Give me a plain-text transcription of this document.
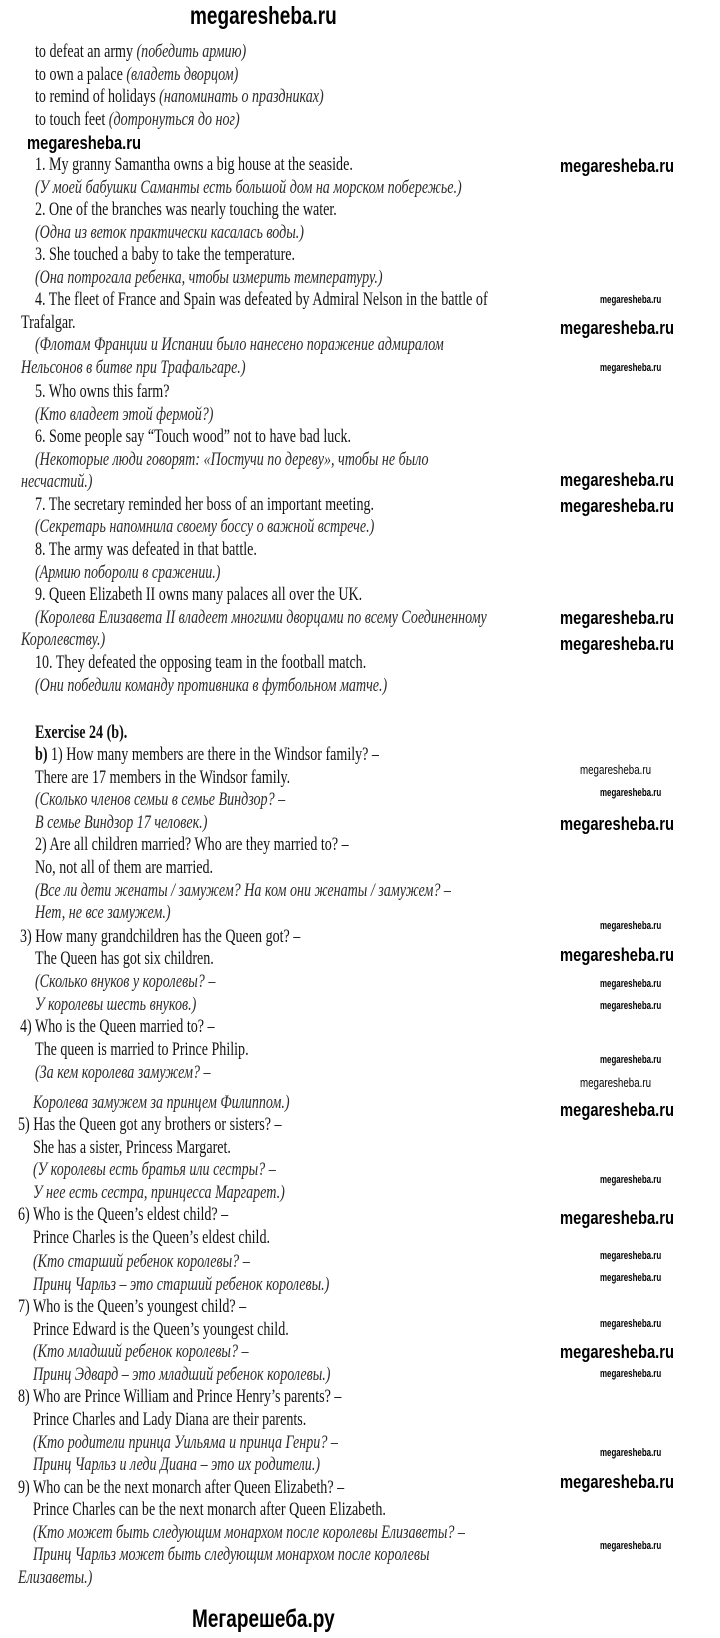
megaresheba.ru
to defeat an army (победить армию)
to own a palace (владеть дворцом)
to remind of holidays (напоминать о праздниках)
to touch feet (дотронуться до ног)
1. My granny Samantha owns a big house at the seaside.
(У моей бабушки Саманты есть большой дом на морском побережье.)
2. One of the branches was nearly touching the water.
(Одна из веток практически касалась воды.)
3. She touched a baby to take the temperature.
(Она потрогала ребенка, чтобы измерить температуру.)
4. The fleet of France and Spain was defeated by Admiral Nelson in the battle of
Trafalgar.
(Флотам Франции и Испании было нанесено поражение адмиралом
Нельсонов в битве при Трафальгаре.)
5. Who owns this farm?
(Кто владеет этой фермой?)
6. Some people say “Touch wood” not to have bad luck.
(Некоторые люди говорят: «Постучи по дереву», чтобы не было
несчастий.)
7. The secretary reminded her boss of an important meeting.
(Секретарь напомнила своему боссу о важной встрече.)
8. The army was defeated in that battle.
(Армию побороли в сражении.)
9. Queen Elizabeth II owns many palaces all over the UK.
(Королева Елизавета II владеет многими дворцами по всему Соединенному
Королевству.)
10. They defeated the opposing team in the football match.
(Они победили команду противника в футбольном матче.)
Exercise 24 (b).
b) 1) How many members are there in the Windsor family? –
There are 17 members in the Windsor family.
(Сколько членов семьи в семье Виндзор? –
В семье Виндзор 17 человек.)
2) Are all children married? Who are they married to? –
No, not all of them are married.
(Все ли дети женаты / замужем? На ком они женаты / замужем? –
Нет, не все замужем.)
3) How many grandchildren has the Queen got? –
The Queen has got six children.
(Сколько внуков у королевы? –
У королевы шесть внуков.)
4) Who is the Queen married to? –
The queen is married to Prince Philip.
(За кем королева замужем? –
Королева замужем за принцем Филиппом.)
5) Has the Queen got any brothers or sisters? –
She has a sister, Princess Margaret.
(У королевы есть братья или сестры? –
У нее есть сестра, принцесса Маргарет.)
6) Who is the Queen’s eldest child? –
Prince Charles is the Queen’s eldest child.
(Кто старший ребенок королевы? –
Принц Чарльз – это старший ребенок королевы.)
7) Who is the Queen’s youngest child? –
Prince Edward is the Queen’s youngest child.
(Кто младший ребенок королевы? –
Принц Эдвард – это младший ребенок королевы.)
8) Who are Prince William and Prince Henry’s parents? –
Prince Charles and Lady Diana are their parents.
(Кто родители принца Уильяма и принца Генри? –
Принц Чарльз и леди Диана – это их родители.)
9) Who can be the next monarch after Queen Elizabeth? –
Prince Charles can be the next monarch after Queen Elizabeth.
(Кто может быть следующим монархом после королевы Елизаветы? –
Принц Чарльз может быть следующим монархом после королевы
Елизаветы.)
megaresheba.ru
megaresheba.ru
megaresheba.ru
megaresheba.ru
megaresheba.ru
megaresheba.ru
megaresheba.ru
megaresheba.ru
megaresheba.ru
megaresheba.ru
megaresheba.ru
megaresheba.ru
megaresheba.ru
megaresheba.ru
megaresheba.ru
megaresheba.ru
megaresheba.ru
megaresheba.ru
megaresheba.ru
megaresheba.ru
megaresheba.ru
megaresheba.ru
megaresheba.ru
megaresheba.ru
megaresheba.ru
megaresheba.ru
megaresheba.ru
megaresheba.ru
megaresheba.ru
Мегарешеба.ру
